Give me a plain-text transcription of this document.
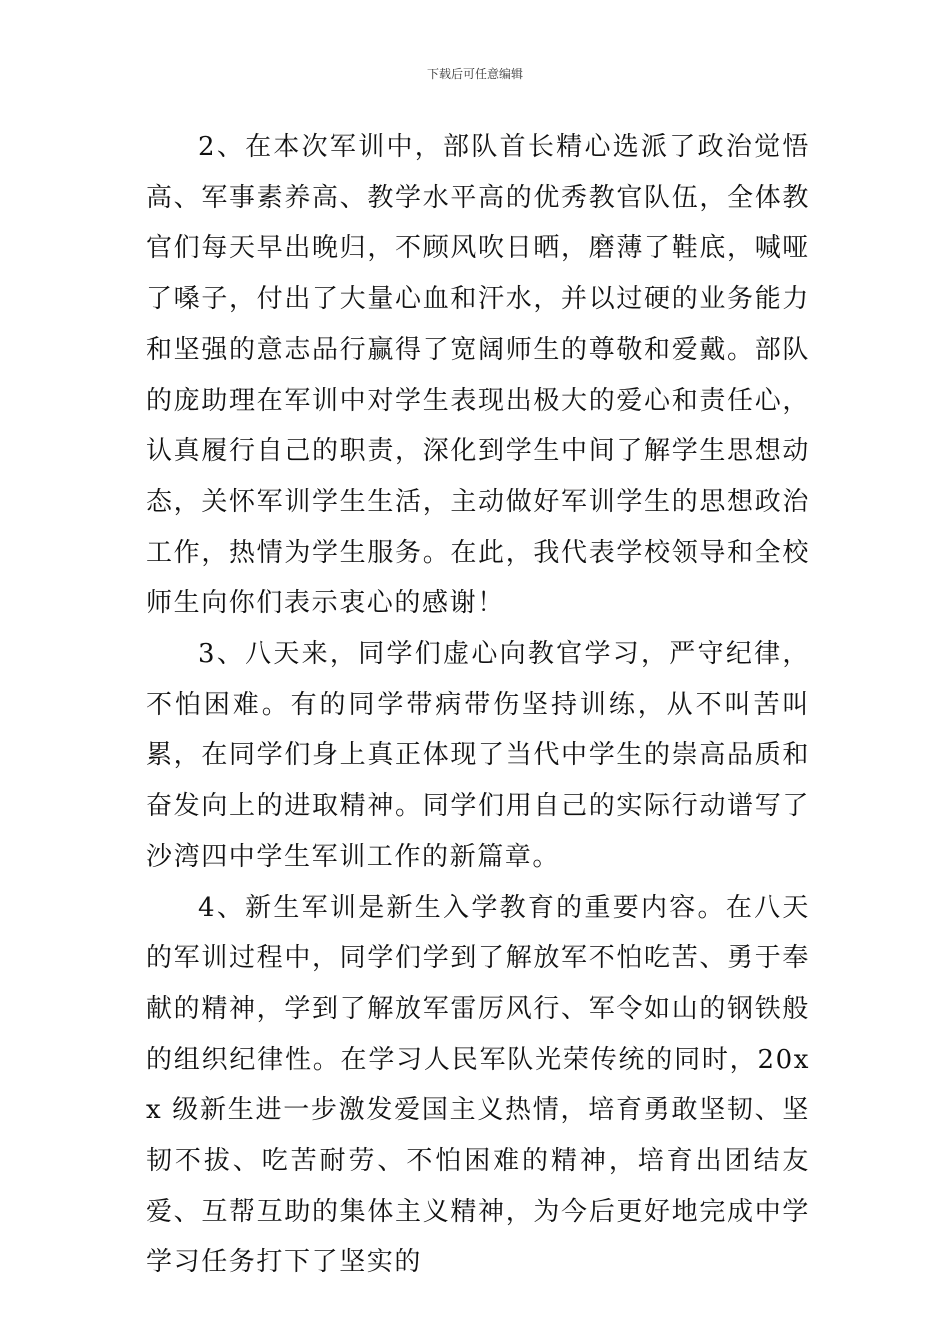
下载后可任意编辑

2、在本次军训中，部队首长精心选派了政治觉悟高、军事素养高、教学水平高的优秀教官队伍，全体教官们每天早出晚归，不顾风吹日晒，磨薄了鞋底，喊哑了嗓子，付出了大量心血和汗水，并以过硬的业务能力和坚强的意志品行赢得了宽阔师生的尊敬和爱戴。部队的庞助理在军训中对学生表现出极大的爱心和责任心，认真履行自己的职责，深化到学生中间了解学生思想动态，关怀军训学生生活，主动做好军训学生的思想政治工作，热情为学生服务。在此，我代表学校领导和全校师生向你们表示衷心的感谢！

3、八天来，同学们虚心向教官学习，严守纪律，不怕困难。有的同学带病带伤坚持训练，从不叫苦叫累，在同学们身上真正体现了当代中学生的崇高品质和奋发向上的进取精神。同学们用自己的实际行动谱写了沙湾四中学生军训工作的新篇章。

4、新生军训是新生入学教育的重要内容。在八天的军训过程中，同学们学到了解放军不怕吃苦、勇于奉献的精神，学到了解放军雷厉风行、军令如山的钢铁般的组织纪律性。在学习人民军队光荣传统的同时，20xx 级新生进一步激发爱国主义热情，培育勇敢坚韧、坚韧不拔、吃苦耐劳、不怕困难的精神，培育出团结友爱、互帮互助的集体主义精神，为今后更好地完成中学学习任务打下了坚实的
